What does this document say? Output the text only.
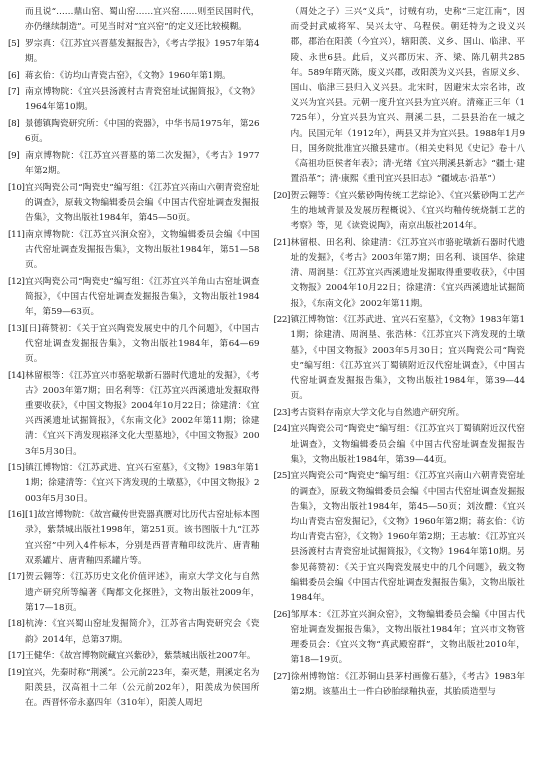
而且说“……鼎山窑、蜀山窑……宜兴窑……则至民国时代，亦仍继续制造”。可见当时对“宜兴窑”的定义还比较模糊。

[5] 罗宗真：《江苏宜兴晋墓发掘报告》，《考古学报》1957年第4期。

[6] 蒋玄佁：《访均山青瓷古窑》，《文物》1960年第1期。

[7] 南京博物院：《宜兴县汤渡村古青瓷窑址试掘简报》，《文物》1964年第10期。

[8] 景德镇陶瓷研究所：《中国的瓷器》，中华书局1975年，第266页。

[9] 南京博物院：《江苏宜兴晋墓的第二次发掘》，《考古》1977年第2期。

[10]宜兴陶瓷公司“陶瓷史”编写组：《江苏宜兴南山六朝青瓷窑址的调查》，原载文物编辑委员会编《中国古代窑址调查发掘报告集》，文物出版社1984年，第45—50页。

[11]南京博物院：《江苏宜兴涧众窑》，文物编辑委员会编《中国古代窑址调查发掘报告集》，文物出版社1984年，第51—58页。

[12]宜兴陶瓷公司“陶瓷史”编写组：《江苏宜兴羊角山古窑址调查简报》，《中国古代窑址调查发掘报告集》，文物出版社1984年，第59—63页。

[13][日]蒋赞初：《关于宜兴陶瓷发展史中的几个问题》，《中国古代窑址调查发掘报告集》，文物出版社1984年，第64—69页。

[14]林留根等：《江苏宜兴市骆驼墩新石器时代遗址的发掘》，《考古》2003年第7期；田名利等：《江苏宜兴西溪遗址发掘取得重要收获》，《中国文物报》2004年10月22日；徐建清：《宜兴西溪遗址试掘简报》，《东南文化》2002年第11期；徐建清：《宜兴下湾发现崧泽文化大型墓地》，《中国文物报》2003年5月30日。

[15]镇江博物馆：《江苏武进、宜兴石室墓》，《文物》1983年第11期；徐建清等：《宜兴下湾发现的土墩墓》，《中国文物报》2003年5月30日。

[16][1]故宫博物院：《故宫藏传世瓷器真赝对比历代古窑址标本图录》，紫禁城出版社1998年，第251页。该书图版十九“江苏宜兴窑”中列入4件标本，分别是西晋青釉印纹洗片、唐青釉双系罐片、唐青釉四系罐片等。

[17]贺云翱等：《江苏历史文化价值评述》，南京大学文化与自然遗产研究所等编著《陶都文化探胜》，文物出版社2009年，第17—18页。

[18]杭涛：《宜兴蜀山窑址发掘简介》，江苏省古陶瓷研究会《瓷韵》2014年，总第37期。

[17]王健华：《故宫博物院藏宜兴紫砂》，紫禁城出版社2007年。

[19]宜兴，先秦时称“荆溪”。公元前223年，秦灭楚，荆溪定名为阳羡县，汉高祖十二年（公元前202年），阳羡成为侯国所在。西晋怀帝永嘉四年（310年），阳羡人周圯

（周处之子）三兴“义兵”，讨贼有功，史称“三定江南”，因而受封武威将军、吴兴太守、乌程侯。朝廷特为之设义兴郡，郡治在阳羡（今宜兴），辖阳羡、义乡、国山、临津、平陵、永世6县。此后，义兴郡历宋、齐、梁、陈几朝共285年。589年隋灭陈，废义兴郡，改阳羡为义兴县，省原义乡、国山、临津三县归入义兴县。北宋时，因避宋太宗名讳，改义兴为宜兴县。元朝一度升宜兴县为宜兴府。清雍正三年（1725年），分宜兴县为宜兴、荆溪二县，二县县治在一城之内。民国元年（1912年），两县又并为宜兴县。1988年1月9日，国务院批准宜兴撤县建市。（相关史料见《史记》卷十八《高祖功臣侯者年表》；清·光绪《宜兴荆溪县新志》“疆土·建置沿革”；清·康熙《重刊宜兴县旧志》“疆域志·沿革”）

[20]贺云翱等：《宜兴紫砂陶传统工艺综论》、《宜兴紫砂陶工艺产生的地域背景及发展历程概说》、《宜兴均釉传统烧制工艺的考察》等，见《读瓷说陶》，南京出版社2014年。

[21]林留根、田名利、徐建清：《江苏宜兴市骆驼墩新石器时代遗址的发掘》，《考古》2003年第7期；田名利、谈国华、徐建清、周润垦：《江苏宜兴西溪遗址发掘取得重要收获》，《中国文物报》2004年10月22日；徐建清：《宜兴西溪遗址试掘简报》，《东南文化》2002年第11期。

[22]镇江博物馆：《江苏武进、宜兴石室墓》，《文物》1983年第11期；徐建清、周润垦、张浩林：《江苏宜兴下湾发现的土墩墓》，《中国文物报》2003年5月30日；宜兴陶瓷公司“陶瓷史”编写组：《江苏宜兴丁蜀镇附近汉代窑址调查》，《中国古代窑址调查发掘报告集》，文物出版社1984年，第39—44页。

[23]考古资料存南京大学文化与自然遗产研究所。

[24]宜兴陶瓷公司“陶瓷史”编写组：《江苏宜兴丁蜀镇附近汉代窑址调查》，文物编辑委员会编《中国古代窑址调查发掘报告集》，文物出版社1984年，第39—44页。

[25]宜兴陶瓷公司“陶瓷史”编写组：《江苏宜兴南山六朝青瓷窑址的调查》，原载文物编辑委员会编《中国古代窑址调查发掘报告集》，文物出版社1984年，第45—50页；刘汝醴：《宜兴均山青瓷古窑发掘记》，《文物》1960年第2期；蒋玄佁：《访均山青瓷古窑》，《文物》1960年第2期；王志敏：《江苏宜兴县汤渡村古青瓷窑址试掘简报》，《文物》1964年第10期。另参见蒋赞初：《关于宜兴陶瓷发展史中的几个问题》，载文物编辑委员会编《中国古代窑址调查发掘报告集》，文物出版社1984年。

[26]邹厚本：《江苏宜兴涧众窑》，文物编辑委员会编《中国古代窑址调查发掘报告集》，文物出版社1984年；宜兴市文物管理委员会：《宜兴文物“真武殿窑群”，文物出版社2010年，第18—19页。

[27]徐州博物馆：《江苏铜山县茅村画像石墓》，《考古》1983年第2期。该墓出土一件白砂胎绿釉执壶，其胎质造型与
